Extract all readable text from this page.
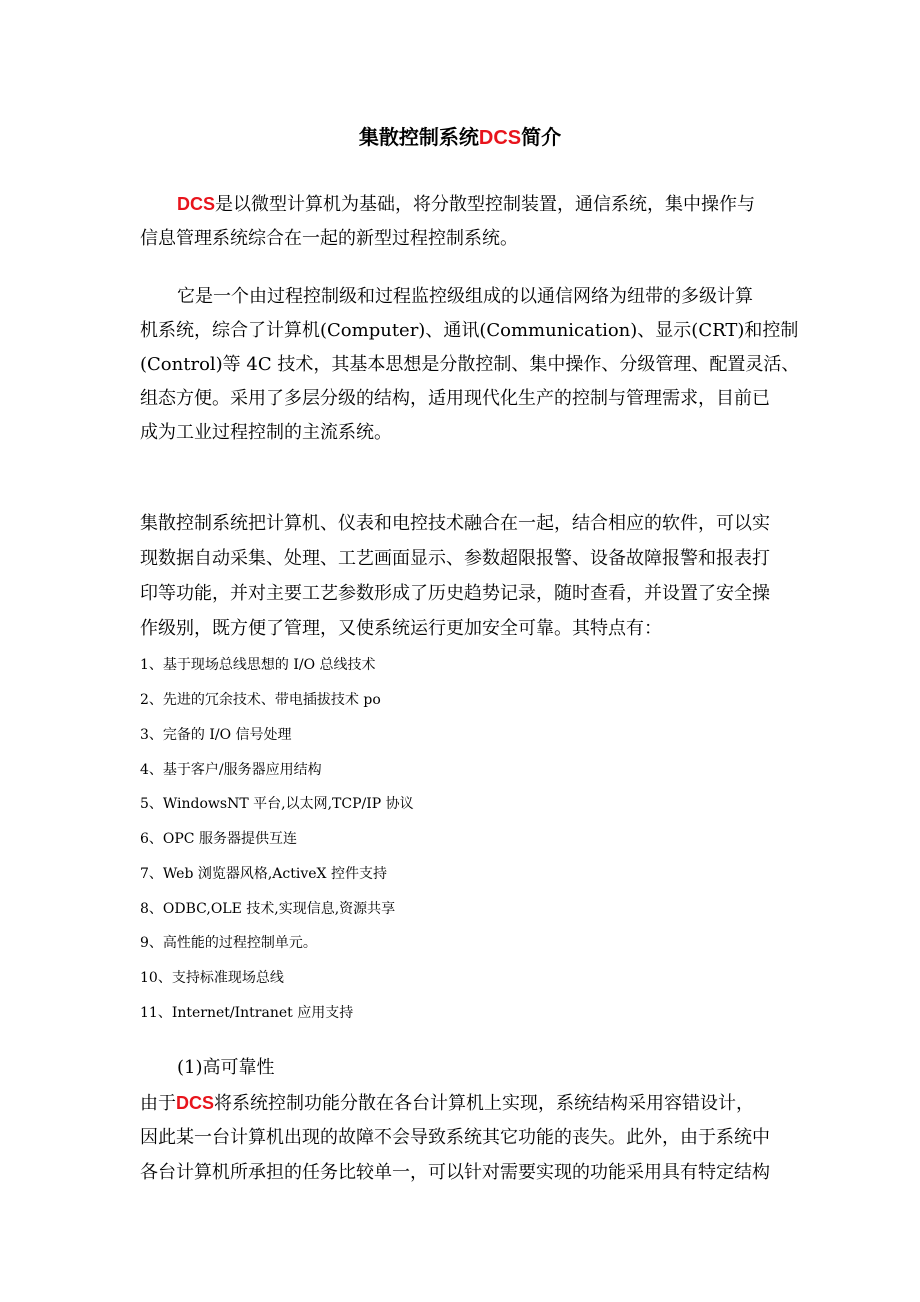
集散控制系统DCS简介
DCS是以微型计算机为基础，将分散型控制装置，通信系统，集中操作与
信息管理系统综合在一起的新型过程控制系统。
它是一个由过程控制级和过程监控级组成的以通信网络为纽带的多级计算
机系统，综合了计算机(Computer)、通讯(Communication)、显示(CRT)和控制
(Control)等 4C 技术，其基本思想是分散控制、集中操作、分级管理、配置灵活、
组态方便。采用了多层分级的结构，适用现代化生产的控制与管理需求，目前已
成为工业过程控制的主流系统。
集散控制系统把计算机、仪表和电控技术融合在一起，结合相应的软件，可以实
现数据自动采集、处理、工艺画面显示、参数超限报警、设备故障报警和报表打
印等功能，并对主要工艺参数形成了历史趋势记录，随时查看，并设置了安全操
作级别，既方便了管理，又使系统运行更加安全可靠。其特点有：
1、基于现场总线思想的 I/O 总线技术
2、先进的冗余技术、带电插拔技术 po
3、完备的 I/O 信号处理
4、基于客户/服务器应用结构
5、WindowsNT 平台,以太网,TCP/IP 协议
6、OPC 服务器提供互连
7、Web 浏览器风格,ActiveX 控件支持
8、ODBC,OLE 技术,实现信息,资源共享
9、高性能的过程控制单元。
10、支持标准现场总线
11、Internet/Intranet 应用支持
(1)高可靠性
由于DCS将系统控制功能分散在各台计算机上实现，系统结构采用容错设计，
因此某一台计算机出现的故障不会导致系统其它功能的丧失。此外，由于系统中
各台计算机所承担的任务比较单一，可以针对需要实现的功能采用具有特定结构
